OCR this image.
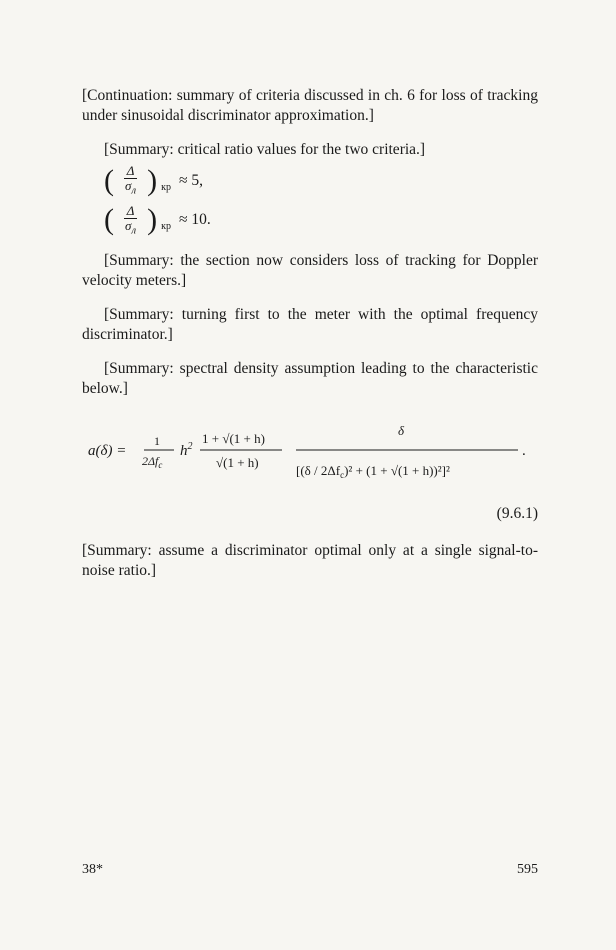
[Continuation: summary of criteria discussed in ch. 6 for loss of tracking under sinusoidal discriminator approximation.]

[Summary: critical ratio values for the two criteria.]

( $\frac{\Delta}{\sigma_л}$ ) кр ≈ 5,
( $\frac{\Delta}{\sigma_л}$ ) кр ≈ 10.

[Summary: the section now considers loss of tracking for Doppler velocity meters.]

[Summary: turning first to the meter with the optimal frequency discriminator.]

[Summary: spectral density assumption leading to the characteristic below.]

a(δ) =
1
$2\Delta f_c$
$h^2$
1 + √(1 + h)
√(1 + h)
δ
$[(\delta / 2\Delta f_c)^2 + (1 + √(1 + h))^2]^2$
.
(9.6.1)

[Summary: assume a discriminator optimal only at a single signal-to-noise ratio.]

38*	595
